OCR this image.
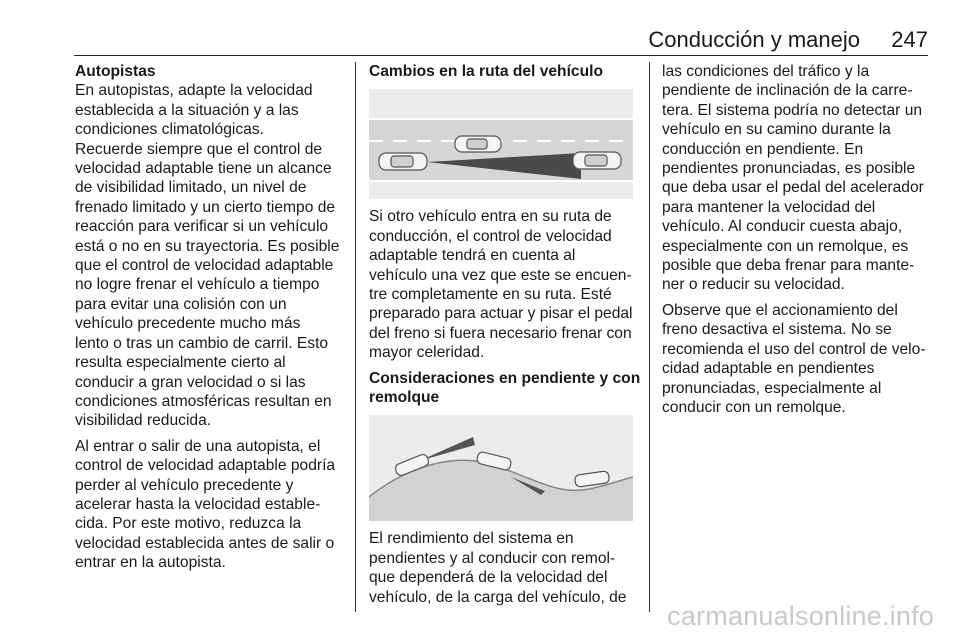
Conducción y manejo 247

Autopistas

En autopistas, adapte la velocidad
establecida a la situación y a las
condiciones climatológicas.
Recuerde siempre que el control de
velocidad adaptable tiene un alcance
de visibilidad limitado, un nivel de
frenado limitado y un cierto tiempo de
reacción para verificar si un vehículo
está o no en su trayectoria. Es posible
que el control de velocidad adaptable
no logre frenar el vehículo a tiempo
para evitar una colisión con un
vehículo precedente mucho más
lento o tras un cambio de carril. Esto
resulta especialmente cierto al
conducir a gran velocidad o si las
condiciones atmosféricas resultan en
visibilidad reducida.

Al entrar o salir de una autopista, el
control de velocidad adaptable podría
perder al vehículo precedente y
acelerar hasta la velocidad estable-
cida. Por este motivo, reduzca la
velocidad establecida antes de salir o
entrar en la autopista.

Cambios en la ruta del vehículo

Si otro vehículo entra en su ruta de
conducción, el control de velocidad
adaptable tendrá en cuenta al
vehículo una vez que este se encuen-
tre completamente en su ruta. Esté
preparado para actuar y pisar el pedal
del freno si fuera necesario frenar con
mayor celeridad.

Consideraciones en pendiente y con
remolque

El rendimiento del sistema en
pendientes y al conducir con remol-
que dependerá de la velocidad del
vehículo, de la carga del vehículo, de

las condiciones del tráfico y la
pendiente de inclinación de la carre-
tera. El sistema podría no detectar un
vehículo en su camino durante la
conducción en pendiente. En
pendientes pronunciadas, es posible
que deba usar el pedal del acelerador
para mantener la velocidad del
vehículo. Al conducir cuesta abajo,
especialmente con un remolque, es
posible que deba frenar para mante-
ner o reducir su velocidad.

Observe que el accionamiento del
freno desactiva el sistema. No se
recomienda el uso del control de velo-
cidad adaptable en pendientes
pronunciadas, especialmente al
conducir con un remolque.

carmanualsonline.info
